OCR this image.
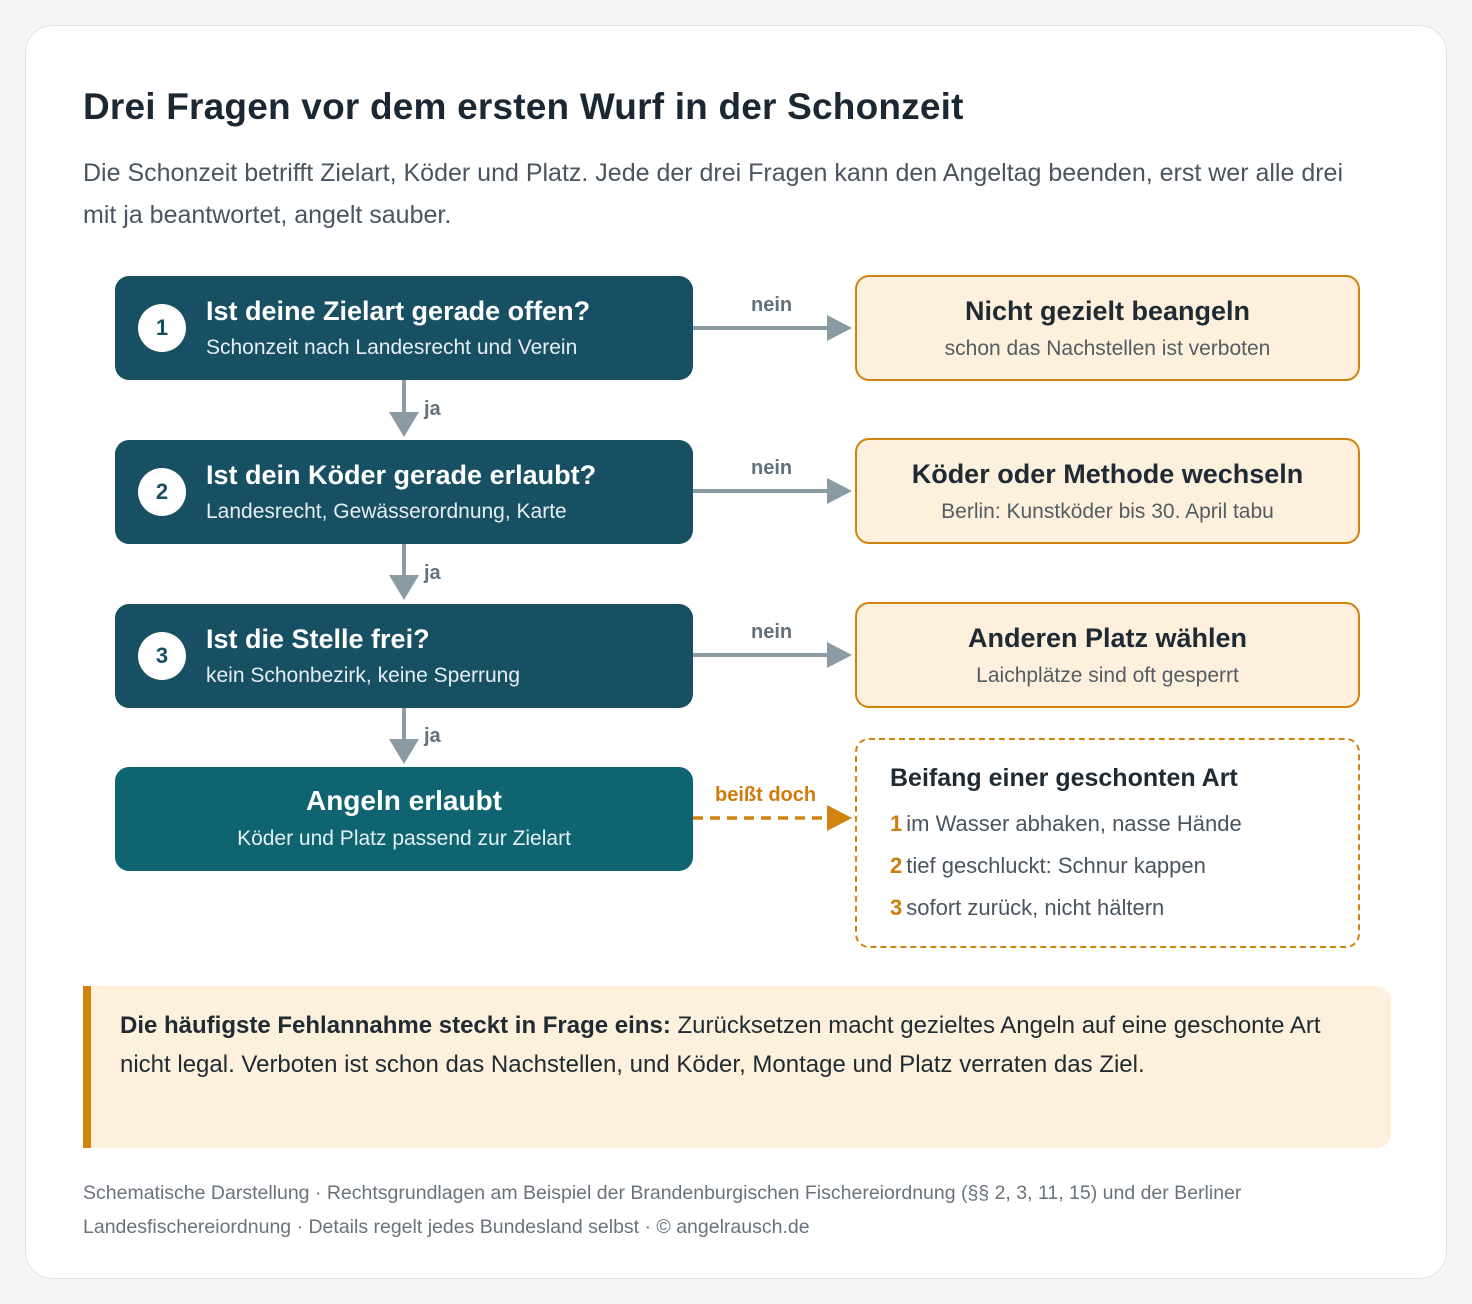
Drei Fragen vor dem ersten Wurf in der Schonzeit
Die Schonzeit betrifft Zielart, Köder und Platz. Jede der drei Fragen kann den Angeltag beenden, erst wer alle drei mit ja beantwortet, angelt sauber.
1
Ist deine Zielart gerade offen?
Schonzeit nach Landesrecht und Verein
2
Ist dein Köder gerade erlaubt?
Landesrecht, Gewässerordnung, Karte
3
Ist die Stelle frei?
kein Schonbezirk, keine Sperrung
ja
ja
ja
nein
nein
nein
beißt doch
Nicht gezielt beangeln
schon das Nachstellen ist verboten
Köder oder Methode wechseln
Berlin: Kunstköder bis 30. April tabu
Anderen Platz wählen
Laichplätze sind oft gesperrt
Angeln erlaubt
Köder und Platz passend zur Zielart
Beifang einer geschonten Art
1 im Wasser abhaken, nasse Hände
2 tief geschluckt: Schnur kappen
3 sofort zurück, nicht hältern

Die häufigste Fehlannahme steckt in Frage eins: Zurücksetzen macht gezieltes Angeln auf eine geschonte Art nicht legal. Verboten ist schon das Nachstellen, und Köder, Montage und Platz verraten das Ziel.

Schematische Darstellung · Rechtsgrundlagen am Beispiel der Brandenburgischen Fischereiordnung (§§ 2, 3, 11, 15) und der Berliner Landesfischereiordnung · Details regelt jedes Bundesland selbst · © angelrausch.de
